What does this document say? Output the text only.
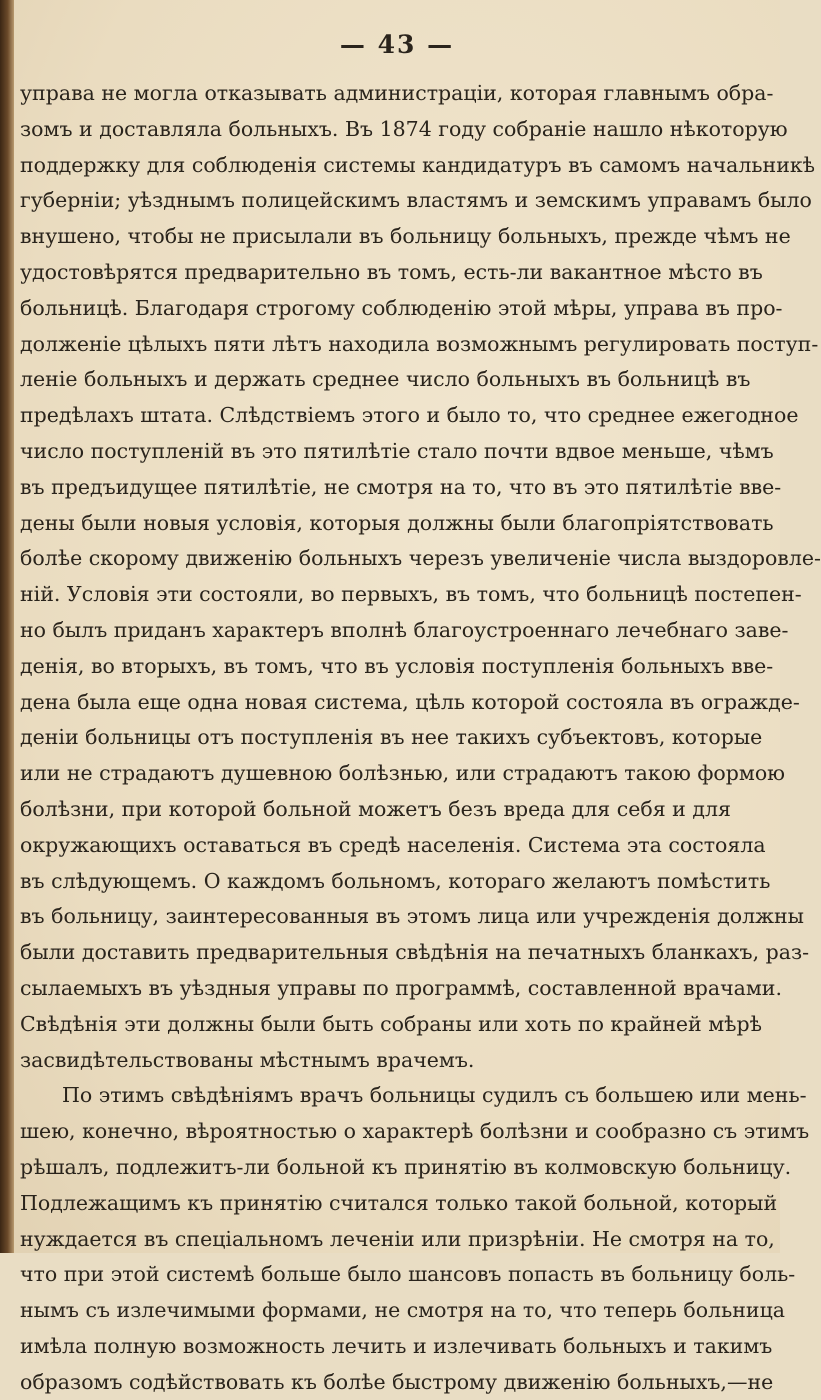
— 43 —
управа не могла отказывать администраціи, которая главнымъ обра-
зомъ и доставляла больныхъ. Въ 1874 году собраніе нашло нѣкоторую
поддержку для соблюденія системы кандидатуръ въ самомъ начальникѣ
губерніи; уѣзднымъ полицейскимъ властямъ и земскимъ управамъ было
внушено, чтобы не присылали въ больницу больныхъ, прежде чѣмъ не
удостовѣрятся предварительно въ томъ, есть-ли вакантное мѣсто въ
больницѣ. Благодаря строгому соблюденію этой мѣры, управа въ про-
долженіе цѣлыхъ пяти лѣтъ находила возможнымъ регулировать поступ-
леніе больныхъ и держать среднее число больныхъ въ больницѣ въ
предѣлахъ штата. Слѣдствіемъ этого и было то, что среднее ежегодное
число поступленій въ это пятилѣтіе стало почти вдвое меньше, чѣмъ
въ предъидущее пятилѣтіе, не смотря на то, что въ это пятилѣтіе вве-
дены были новыя условія, которыя должны были благопріятствовать
болѣе скорому движенію больныхъ черезъ увеличеніе числа выздоровле-
ній. Условія эти состояли, во первыхъ, въ томъ, что больницѣ постепен-
но былъ приданъ характеръ вполнѣ благоустроеннаго лечебнаго заве-
денія, во вторыхъ, въ томъ, что въ условія поступленія больныхъ вве-
дена была еще одна новая система, цѣль которой состояла въ огражде-
деніи больницы отъ поступленія въ нее такихъ субъектовъ, которые
или не страдаютъ душевною болѣзнью, или страдаютъ такою формою
болѣзни, при которой больной можетъ безъ вреда для себя и для
окружающихъ оставаться въ средѣ населенія. Система эта состояла
въ слѣдующемъ. О каждомъ больномъ, котораго желаютъ помѣстить
въ больницу, заинтересованныя въ этомъ лица или учрежденія должны
были доставить предварительныя свѣдѣнія на печатныхъ бланкахъ, раз-
сылаемыхъ въ уѣздныя управы по программѣ, составленной врачами.
Свѣдѣнія эти должны были быть собраны или хоть по крайней мѣрѣ
засвидѣтельствованы мѣстнымъ врачемъ.
По этимъ свѣдѣніямъ врачъ больницы судилъ съ большею или мень-
шею, конечно, вѣроятностью о характерѣ болѣзни и сообразно съ этимъ
рѣшалъ, подлежитъ-ли больной къ принятію въ колмовскую больницу.
Подлежащимъ къ принятію считался только такой больной, который
нуждается въ спеціальномъ леченіи или призрѣніи. Не смотря на то,
что при этой системѣ больше было шансовъ попасть въ больницу боль-
нымъ съ излечимыми формами, не смотря на то, что теперь больница
имѣла полную возможность лечить и излечивать больныхъ и такимъ
образомъ содѣйствовать къ болѣе быстрому движенію больныхъ,—не
